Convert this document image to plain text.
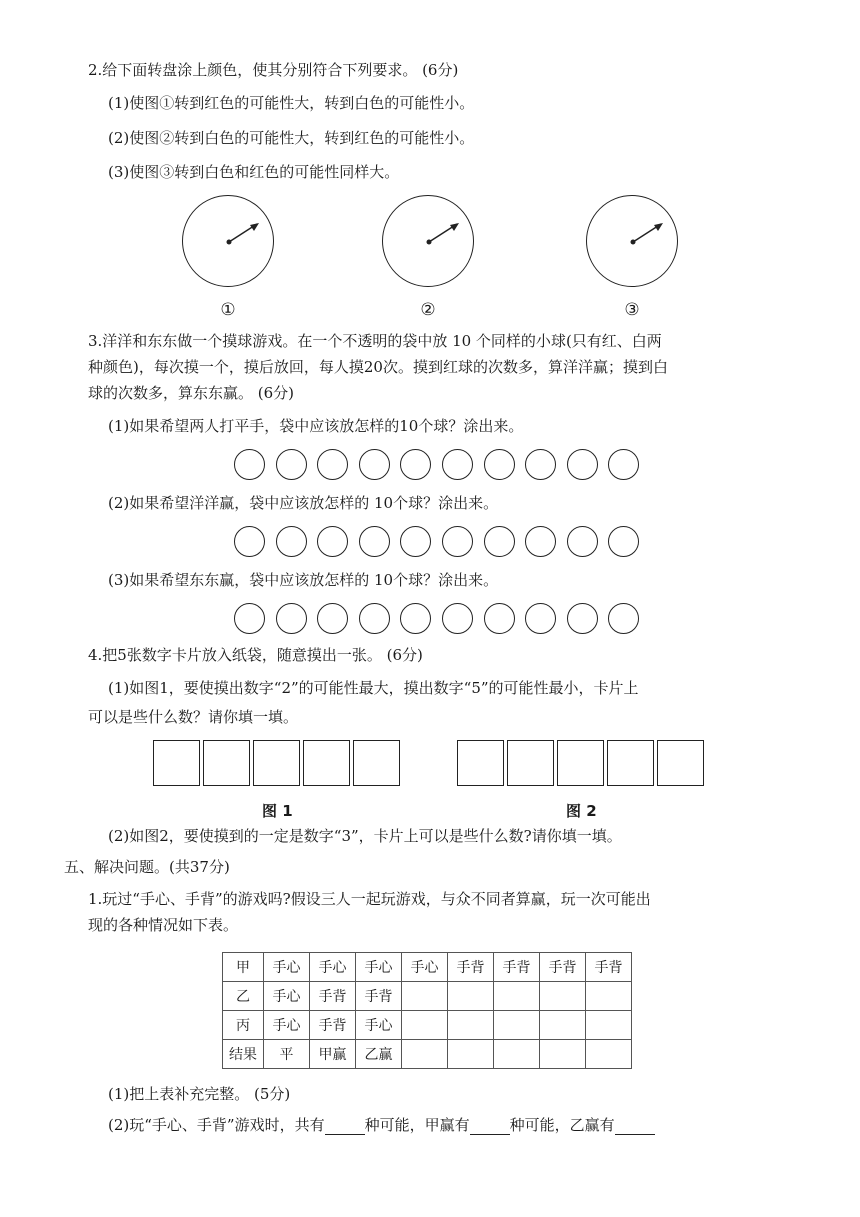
2.给下面转盘涂上颜色，使其分别符合下列要求。 (6分)
(1)使图①转到红色的可能性大，转到白色的可能性小。
(2)使图②转到白色的可能性大，转到红色的可能性小。
(3)使图③转到白色和红色的可能性同样大。
①	②	③
3.洋洋和东东做一个摸球游戏。在一个不透明的袋中放 10 个同样的小球(只有红、白两
种颜色)，每次摸一个，摸后放回，每人摸20次。摸到红球的次数多，算洋洋赢；摸到白
球的次数多，算东东赢。 (6分)
(1)如果希望两人打平手，袋中应该放怎样的10个球？涂出来。
(2)如果希望洋洋赢，袋中应该放怎样的 10个球？涂出来。
(3)如果希望东东赢，袋中应该放怎样的 10个球？涂出来。
4.把5张数字卡片放入纸袋，随意摸出一张。 (6分)
(1)如图1，要使摸出数字“2”的可能性最大，摸出数字“5”的可能性最小，卡片上
可以是些什么数？请你填一填。
图 1	图 2
(2)如图2，要使摸到的一定是数字“3”，卡片上可以是些什么数?请你填一填。
五、解决问题。(共37分)
1.玩过“手心、手背”的游戏吗?假设三人一起玩游戏，与众不同者算赢，玩一次可能出
现的各种情况如下表。
甲	手心	手心	手心	手心	手背	手背	手背	手背
乙	手心	手背	手背					
丙	手心	手背	手心					
结果	平	甲赢	乙赢					
(1)把上表补充完整。 (5分)
(2)玩“手心、手背”游戏时，共有	种可能，甲赢有	种可能，乙赢有
